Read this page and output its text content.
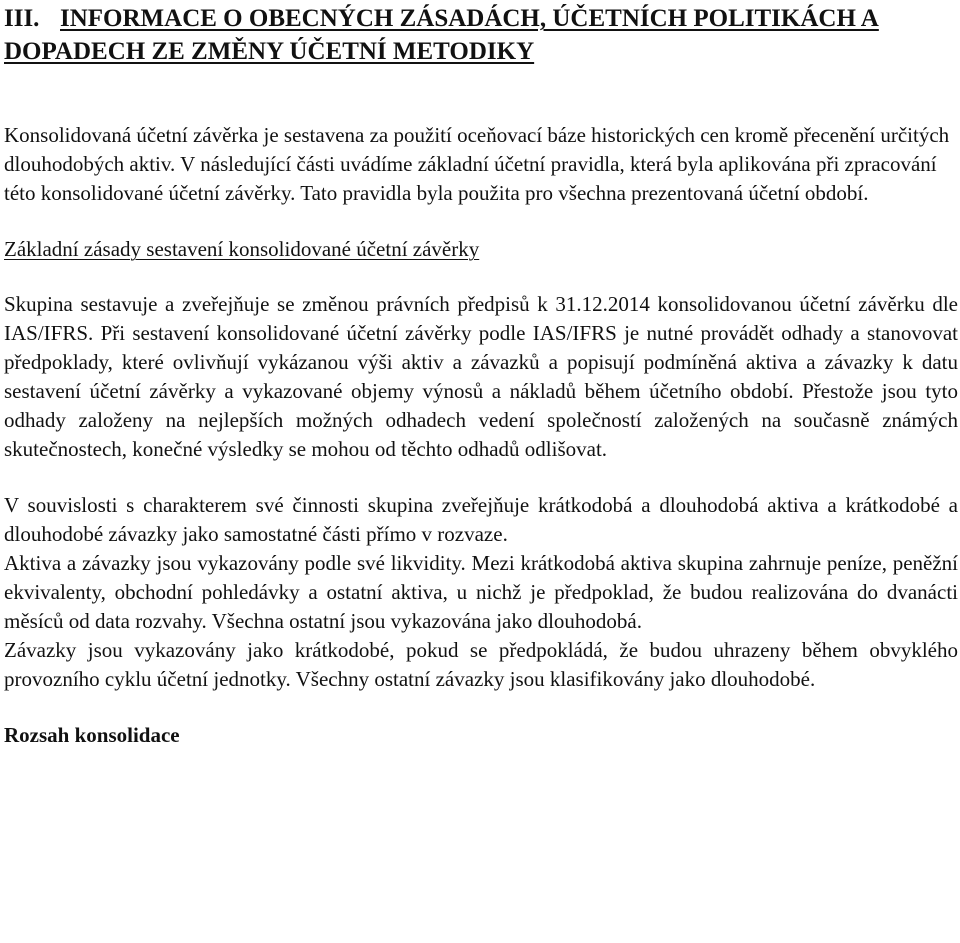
III. INFORMACE O OBECNÝCH ZÁSADÁCH, ÚČETNÍCH POLITIKÁCH A DOPADECH ZE ZMĚNY ÚČETNÍ METODIKY

Konsolidovaná účetní závěrka je sestavena za použití oceňovací báze historických cen kromě přecenění určitých dlouhodobých aktiv. V následující části uvádíme základní účetní pravidla, která byla aplikována při zpracování této konsolidované účetní závěrky. Tato pravidla byla použita pro všechna prezentovaná účetní období.

Základní zásady sestavení konsolidované účetní závěrky

Skupina sestavuje a zveřejňuje se změnou právních předpisů k 31.12.2014 konsolidovanou účetní závěrku dle IAS/IFRS. Při sestavení konsolidované účetní závěrky podle IAS/IFRS je nutné provádět odhady a stanovovat předpoklady, které ovlivňují vykázanou výši aktiv a závazků a popisují podmíněná aktiva a závazky k datu sestavení účetní závěrky a vykazované objemy výnosů a nákladů během účetního období. Přestože jsou tyto odhady založeny na nejlepších možných odhadech vedení společností založených na současně známých skutečnostech, konečné výsledky se mohou od těchto odhadů odlišovat.

V souvislosti s charakterem své činnosti skupina zveřejňuje krátkodobá a dlouhodobá aktiva a krátkodobé a dlouhodobé závazky jako samostatné části přímo v rozvaze.

Aktiva a závazky jsou vykazovány podle své likvidity. Mezi krátkodobá aktiva skupina zahrnuje peníze, peněžní ekvivalenty, obchodní pohledávky a ostatní aktiva, u nichž je předpoklad, že budou realizována do dvanácti měsíců od data rozvahy. Všechna ostatní jsou vykazována jako dlouhodobá.

Závazky jsou vykazovány jako krátkodobé, pokud se předpokládá, že budou uhrazeny během obvyklého provozního cyklu účetní jednotky. Všechny ostatní závazky jsou klasifikovány jako dlouhodobé.

Rozsah konsolidace
